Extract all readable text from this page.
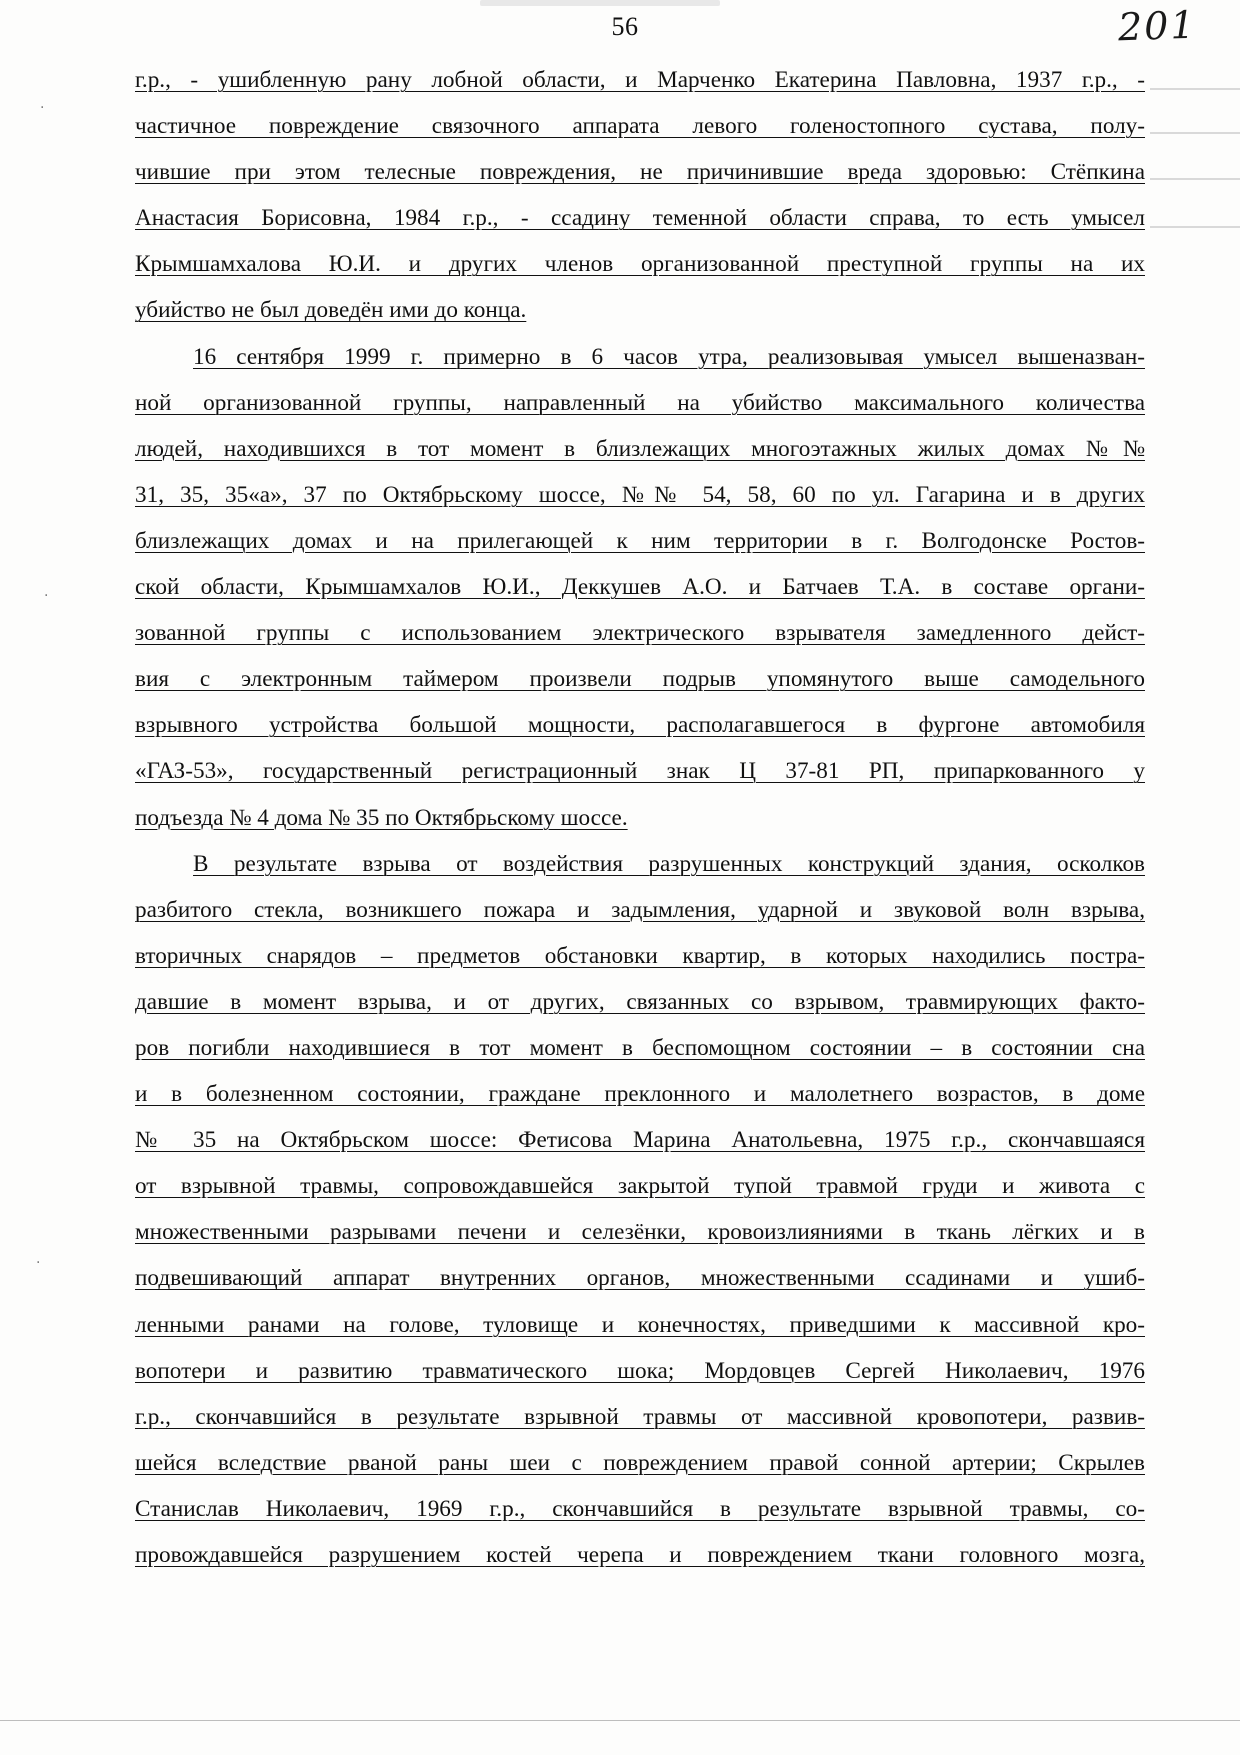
56	201
г.р., - ушибленную рану лобной области, и Марченко Екатерина Павловна, 1937 г.р., -
частичное повреждение связочного аппарата левого голеностопного сустава, полу-
чившие при этом телесные повреждения, не причинившие вреда здоровью: Стёпкина
Анастасия Борисовна, 1984 г.р., - ссадину теменной области справа, то есть умысел
Крымшамхалова Ю.И. и других членов организованной преступной группы на их
убийство не был доведён ими до конца.
16 сентября 1999 г. примерно в 6 часов утра, реализовывая умысел вышеназван-
ной организованной группы, направленный на убийство максимального количества
людей, находившихся в тот момент в близлежащих многоэтажных жилых домах №№
31, 35, 35«а», 37 по Октябрьскому шоссе, №№ 54, 58, 60 по ул. Гагарина и в других
близлежащих домах и на прилегающей к ним территории в г. Волгодонске Ростов-
ской области, Крымшамхалов Ю.И., Деккушев А.О. и Батчаев Т.А. в составе органи-
зованной группы с использованием электрического взрывателя замедленного дейст-
вия с электронным таймером произвели подрыв упомянутого выше самодельного
взрывного устройства большой мощности, располагавшегося в фургоне автомобиля
«ГАЗ-53», государственный регистрационный знак Ц 37-81 РП, припаркованного у
подъезда № 4 дома № 35 по Октябрьскому шоссе.
В результате взрыва от воздействия разрушенных конструкций здания, осколков
разбитого стекла, возникшего пожара и задымления, ударной и звуковой волн взрыва,
вторичных снарядов – предметов обстановки квартир, в которых находились постра-
давшие в момент взрыва, и от других, связанных со взрывом, травмирующих факто-
ров погибли находившиеся в тот момент в беспомощном состоянии – в состоянии сна
и в болезненном состоянии, граждане преклонного и малолетнего возрастов, в доме
№ 35 на Октябрьском шоссе: Фетисова Марина Анатольевна, 1975 г.р., скончавшаяся
от взрывной травмы, сопровождавшейся закрытой тупой травмой груди и живота с
множественными разрывами печени и селезёнки, кровоизлияниями в ткань лёгких и в
подвешивающий аппарат внутренних органов, множественными ссадинами и ушиб-
ленными ранами на голове, туловище и конечностях, приведшими к массивной кро-
вопотери и развитию травматического шока; Мордовцев Сергей Николаевич, 1976
г.р., скончавшийся в результате взрывной травмы от массивной кровопотери, развив-
шейся вследствие рваной раны шеи с повреждением правой сонной артерии; Скрылев
Станислав Николаевич, 1969 г.р., скончавшийся в результате взрывной травмы, со-
провождавшейся разрушением костей черепа и повреждением ткани головного мозга,
·
·
·
